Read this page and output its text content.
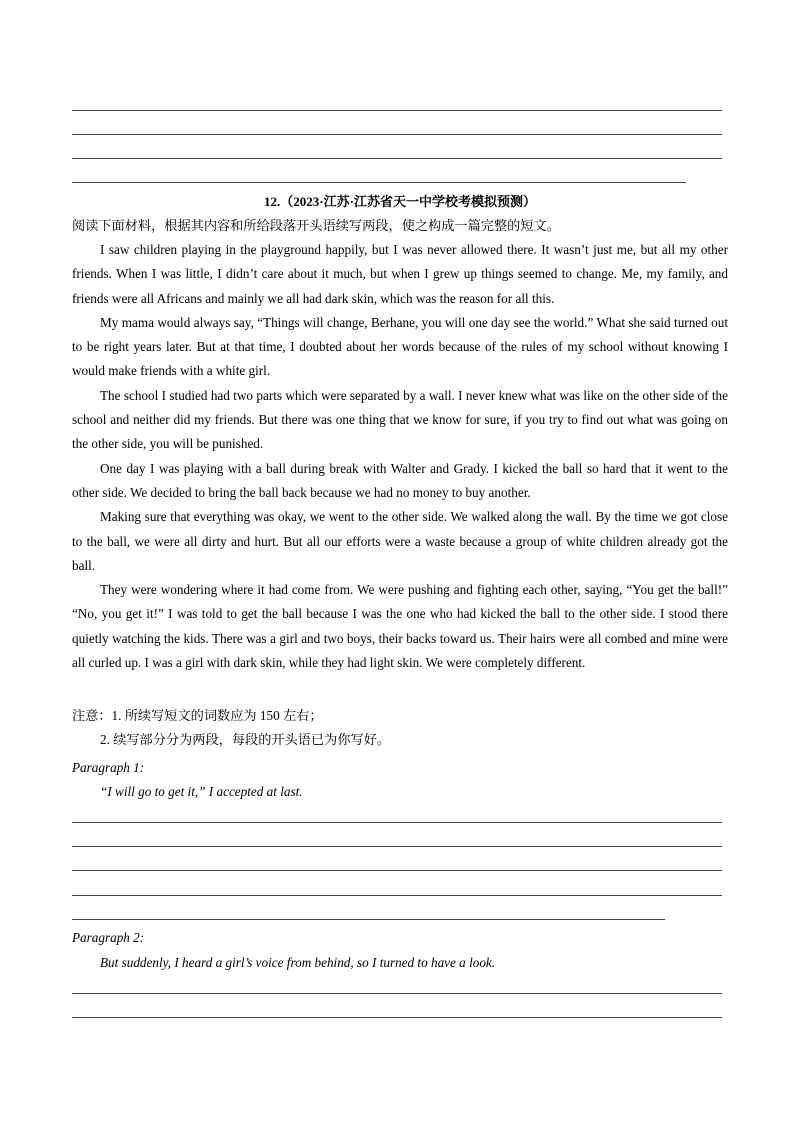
12.（2023·江苏·江苏省天一中学校考模拟预测）
阅读下面材料，根据其内容和所给段落开头语续写两段，使之构成一篇完整的短文。

I saw children playing in the playground happily, but I was never allowed there. It wasn’t just me, but all my other friends. When I was little, I didn’t care about it much, but when I grew up things seemed to change. Me, my family, and friends were all Africans and mainly we all had dark skin, which was the reason for all this.

My mama would always say, “Things will change, Berhane, you will one day see the world.” What she said turned out to be right years later. But at that time, I doubted about her words because of the rules of my school without knowing I would make friends with a white girl.

The school I studied had two parts which were separated by a wall. I never knew what was like on the other side of the school and neither did my friends. But there was one thing that we know for sure, if you try to find out what was going on the other side, you will be punished.

One day I was playing with a ball during break with Walter and Grady. I kicked the ball so hard that it went to the other side. We decided to bring the ball back because we had no money to buy another.

Making sure that everything was okay, we went to the other side. We walked along the wall. By the time we got close to the ball, we were all dirty and hurt. But all our efforts were a waste because a group of white children already got the ball.

They were wondering where it had come from. We were pushing and fighting each other, saying, “You get the ball!” “No, you get it!” I was told to get the ball because I was the one who had kicked the ball to the other side. I stood there quietly watching the kids. There was a girl and two boys, their backs toward us. Their hairs were all combed and mine were all curled up. I was a girl with dark skin, while they had light skin. We were completely different.

注意：1. 所续写短文的词数应为 150 左右；

2. 续写部分分为两段，每段的开头语已为你写好。

Paragraph 1:
“I will go to get it,” I accepted at last.
Paragraph 2:
But suddenly, I heard a girl’s voice from behind, so I turned to have a look.
